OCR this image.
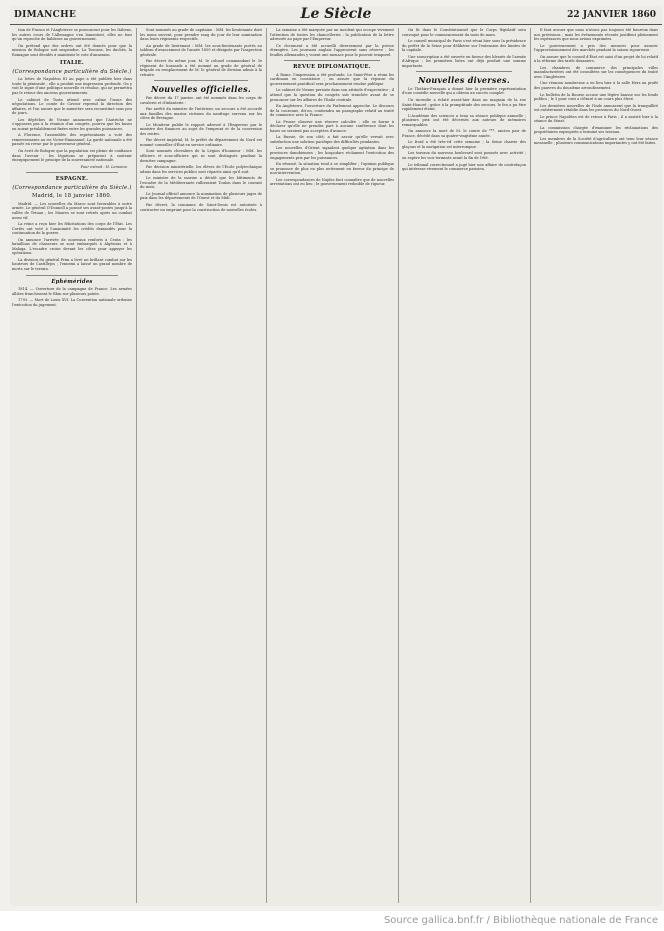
DIMANCHE	Le Siècle	22 JANVIER 1860

tion de Franco et l'Angleterre se prononcent pour les Italiens, les autres cours de l'Allemagne s'en lamentent, elles ne font qu'un reproche de faiblesse au gouvernement.

On prétend que des ordres ont été donnés pour que la mission de Bologne soit suspendue. La Toscane, les duchés, la Romagne sont décidés à maintenir le vote d'annexion.

ITALIE.
(Correspondance particulière du Siècle.)

La lettre de Napoléon III au pape a été publiée hier dans toute la péninsule ; elle a produit une impression profonde. On y voit le signe d'une politique nouvelle et résolue, qui ne permettra pas le retour des anciens gouvernements.

Le cabinet de Turin attend avec calme l'issue des négociations. Le comte de Cavour reprend la direction des affaires, et l'on assure que le ministère sera reconstitué sous peu de jours.

Les dépêches de Vienne annoncent que l'Autriche ne s'opposera pas à la réunion d'un congrès, pourvu que les bases en soient préalablement fixées entre les grandes puissances.

A Florence, l'assemblée des représentants a voté des remerciements au roi Victor-Emmanuel. La garde nationale a été passée en revue par le gouverneur général.

On écrit de Bologne que la population est pleine de confiance dans l'avenir ; les légations se préparent à soutenir énergiquement le principe de la souveraineté nationale.

Pour extrait : H. Lemoine.
ESPAGNE.
(Correspondance particulière du Siècle.)
Madrid, le 18 janvier 1860.

Madrid. — Les nouvelles du Maroc sont favorables à notre armée. Le général O'Donnell a poussé ses avant-postes jusqu'à la vallée de Tetuan ; les Maures se sont retirés après un combat assez vif.

La reine a reçu hier les félicitations des corps de l'État. Les Cortès ont voté à l'unanimité les crédits demandés pour la continuation de la guerre.

On annonce l'arrivée de nouveaux renforts à Ceuta ; les bataillons de chasseurs se sont embarqués à Algésiras et à Malaga. L'escadre croise devant les côtes pour appuyer les opérations.

La division du général Prim a livré un brillant combat sur les hauteurs de Castillejos ; l'ennemi a laissé un grand nombre de morts sur le terrain.

Éphémérides

1814. — Ouverture de la campagne de France. Les armées alliées franchissent le Rhin sur plusieurs points.

1793. — Mort de Louis XVI. La Convention nationale ordonne l'exécution du jugement.

Sont nommés au grade de capitaine : MM. les lieutenants dont les noms suivent, pour prendre rang du jour de leur nomination dans leurs régiments respectifs.

Au grade de lieutenant : MM. les sous-lieutenants portés au tableau d'avancement de l'année 1859 et désignés par l'inspection générale.

Par décret du même jour, M. le colonel commandant le 3e régiment de hussards a été nommé au grade de général de brigade en remplacement de M. le général de division admis à la retraite.

Nouvelles officielles.

Par décret du 17 janvier, ont été nommés dans les corps de cavalerie et d'infanterie :

Par arrêté du ministre de l'intérieur, un secours a été accordé aux familles des marins victimes du naufrage survenu sur les côtes de Bretagne.

Le Moniteur publie le rapport adressé à l'Empereur par le ministre des finances au sujet de l'emprunt et de la conversion des rentes.

Par décret impérial, M. le préfet du département du Nord est nommé conseiller d'État en service ordinaire.

Sont nommés chevaliers de la Légion d'honneur : MM. les officiers et sous-officiers qui se sont distingués pendant la dernière campagne.

Par décision ministérielle, les élèves de l'École polytechnique admis dans les services publics sont répartis ainsi qu'il suit.

Le ministre de la marine a décidé que les bâtiments de l'escadre de la Méditerranée rallieraient Toulon dans le courant du mois.

Le Journal officiel annonce la nomination de plusieurs juges de paix dans les départements de l'Ouest et du Midi.

Par décret, la commune de Saint-Denis est autorisée à contracter un emprunt pour la construction de nouvelles écoles.

La semaine a été marquée par un incident qui occupe vivement l'attention de toutes les chancelleries : la publication de la lettre adressée au pape par l'Empereur.

Ce document a été accueilli diversement par la presse étrangère. Les journaux anglais l'approuvent sans réserve ; les feuilles allemandes y voient une menace pour le pouvoir temporel.

REVUE DIPLOMATIQUE.

A Rome, l'impression a été profonde. Le Saint-Père a réuni les cardinaux en consistoire ; on assure que la réponse du gouvernement pontifical sera prochainement rendue publique.

Le cabinet de Vienne persiste dans son attitude d'expectative ; il attend que la question du congrès soit tranchée avant de se prononcer sur les affaires de l'Italie centrale.

En Angleterre, l'ouverture du Parlement approche. Le discours de la couronne, dit-on, contiendra un paragraphe relatif au traité de commerce avec la France.

La Prusse observe une réserve calculée ; elle se borne à déclarer qu'elle ne prendra part à aucune conférence dont les bases ne seraient pas acceptées d'avance.

La Russie, de son côté, a fait savoir qu'elle verrait avec satisfaction une solution pacifique des difficultés pendantes.

Les nouvelles d'Orient signalent quelque agitation dans les provinces danubiennes ; les hospodars réclament l'exécution des engagements pris par les puissances.

En résumé, la situation tend à se simplifier ; l'opinion publique se prononce de plus en plus nettement en faveur du principe de non-intervention.

Les correspondances de Naples font connaître que de nouvelles arrestations ont eu lieu ; le gouvernement redouble de rigueur.

On lit dans le Constitutionnel que le Corps législatif sera convoqué pour le commencement du mois de mars.

Le conseil municipal de Paris s'est réuni hier sous la présidence du préfet de la Seine pour délibérer sur l'extension des limites de la capitale.

Une souscription a été ouverte en faveur des blessés de l'armée d'Afrique ; les premières listes ont déjà produit une somme importante.

Nouvelles diverses.

Le Théâtre-Français a donné hier la première représentation d'une comédie nouvelle qui a obtenu un succès complet.

Un incendie a éclaté avant-hier dans un magasin de la rue Saint-Honoré ; grâce à la promptitude des secours, le feu a pu être rapidement éteint.

L'Académie des sciences a tenu sa séance publique annuelle ; plusieurs prix ont été décernés aux auteurs de mémoires remarquables.

On annonce la mort de M. le comte de ***, ancien pair de France, décédé dans sa quatre-vingtième année.

Le froid a été très-vif cette semaine ; la Seine charrie des glaçons et la navigation est interrompue.

Les travaux du nouveau boulevard sont poussés avec activité ; on espère les voir terminés avant la fin de l'été.

Le tribunal correctionnel a jugé hier une affaire de contrefaçon qui intéresse vivement le commerce parisien.

Il faut avouer que nous n'avons pas toujours été heureux dans nos prévisions ; mais les événements récents justifient pleinement les espérances que nous avions exprimées.

Le gouvernement a pris des mesures pour assurer l'approvisionnement des marchés pendant la saison rigoureuse.

On assure que le conseil d'État est saisi d'un projet de loi relatif à la réforme des tarifs douaniers.

Les chambres de commerce des principales villes manufacturières ont été consultées sur les conséquences du traité avec l'Angleterre.

Une réunion nombreuse a eu lieu hier à la salle Herz au profit des pauvres du douzième arrondissement.

Le bulletin de la Bourse accuse une légère hausse sur les fonds publics ; le 3 pour cent a clôturé à un cours plus élevé.

Les dernières nouvelles de l'Inde annoncent que la tranquillité est entièrement rétablie dans les provinces du Nord-Ouest.

Le prince Napoléon est de retour à Paris ; il a assisté hier à la séance du Sénat.

La commission chargée d'examiner les réclamations des propriétaires expropriés a terminé ses travaux.

Les membres de la Société d'agriculture ont tenu leur séance mensuelle ; plusieurs communications importantes y ont été faites.

Source gallica.bnf.fr / Bibliothèque nationale de France
